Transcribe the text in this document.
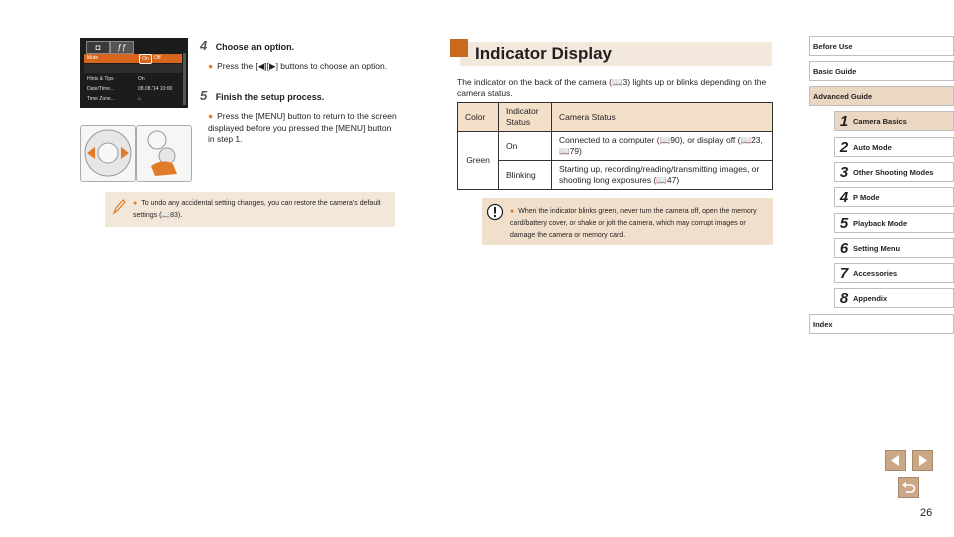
◘	ƒƒ
Mute	On	Off
Hints & Tips	On
Date/Time...	08.08.'14 10:00
Time Zone...	⌂
4 Choose an option.
● Press the [◀][▶] buttons to choose an option.
5 Finish the setup process.
● Press the [MENU] button to return to the screen displayed before you pressed the [MENU] button in step 1.
● To undo any accidental setting changes, you can restore the camera's default settings (📖83).
Indicator Display
The indicator on the back of the camera (📖3) lights up or blinks depending on the camera status.
Color	Indicator Status	Camera Status
Green	On	Connected to a computer (📖90), or display off (📖23, 📖79)
	Blinking	Starting up, recording/reading/transmitting images, or shooting long exposures (📖47)
● When the indicator blinks green, never turn the camera off, open the memory card/battery cover, or shake or jolt the camera, which may corrupt images or damage the camera or memory card.
Before Use
Basic Guide
Advanced Guide
1 Camera Basics
2 Auto Mode
3 Other Shooting Modes
4 P Mode
5 Playback Mode
6 Setting Menu
7 Accessories
8 Appendix
Index
26
